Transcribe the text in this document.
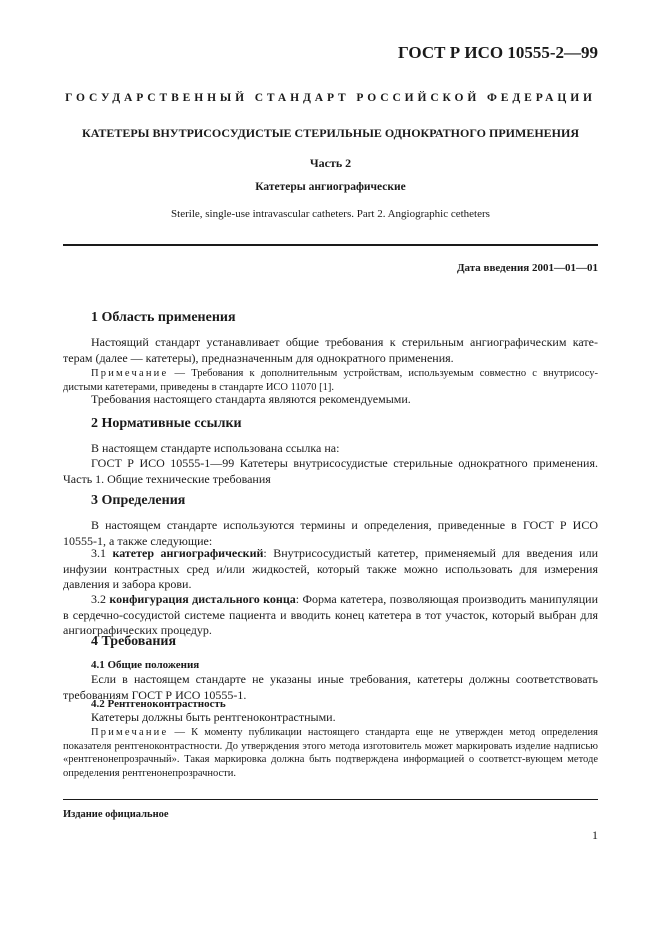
ГОСТ Р ИСО 10555-2—99
ГОСУДАРСТВЕННЫЙ СТАНДАРТ РОССИЙСКОЙ ФЕДЕРАЦИИ
КАТЕТЕРЫ ВНУТРИСОСУДИСТЫЕ СТЕРИЛЬНЫЕ ОДНОКРАТНОГО ПРИМЕНЕНИЯ
Часть 2
Катетеры ангиографические
Sterile, single-use intravascular catheters. Part 2. Angiographic cetheters
Дата введения 2001—01—01
1 Область применения
Настоящий стандарт устанавливает общие требования к стерильным ангиографическим кате-терам (далее — катетеры), предназначенным для однократного применения.
Примечание — Требования к дополнительным устройствам, используемым совместно с внутрисосу-дистыми катетерами, приведены в стандарте ИСО 11070 [1].
Требования настоящего стандарта являются рекомендуемыми.
2 Нормативные ссылки
В настоящем стандарте использована ссылка на:
ГОСТ Р ИСО 10555-1—99 Катетеры внутрисосудистые стерильные однократного применения. Часть 1. Общие технические требования
3 Определения
В настоящем стандарте используются термины и определения, приведенные в ГОСТ Р ИСО 10555-1, а также следующие:
3.1 катетер ангиографический: Внутрисосудистый катетер, применяемый для введения или инфузии контрастных сред и/или жидкостей, который также можно использовать для измерения давления и забора крови.
3.2 конфигурация дистального конца: Форма катетера, позволяющая производить манипуляции в сердечно-сосудистой системе пациента и вводить конец катетера в тот участок, который выбран для ангиографических процедур.
4 Требования
4.1 Общие положения
Если в настоящем стандарте не указаны иные требования, катетеры должны соответствовать требованиям ГОСТ Р ИСО 10555-1.
4.2 Рентгеноконтрастность
Катетеры должны быть рентгеноконтрастными.
Примечание — К моменту публикации настоящего стандарта еще не утвержден метод определения показателя рентгеноконтрастности. До утверждения этого метода изготовитель может маркировать изделие надписью «рентгенонепрозрачный». Такая маркировка должна быть подтверждена информацией о соответст-вующем методе определения рентгенонепрозрачности.
Издание официальное
1
